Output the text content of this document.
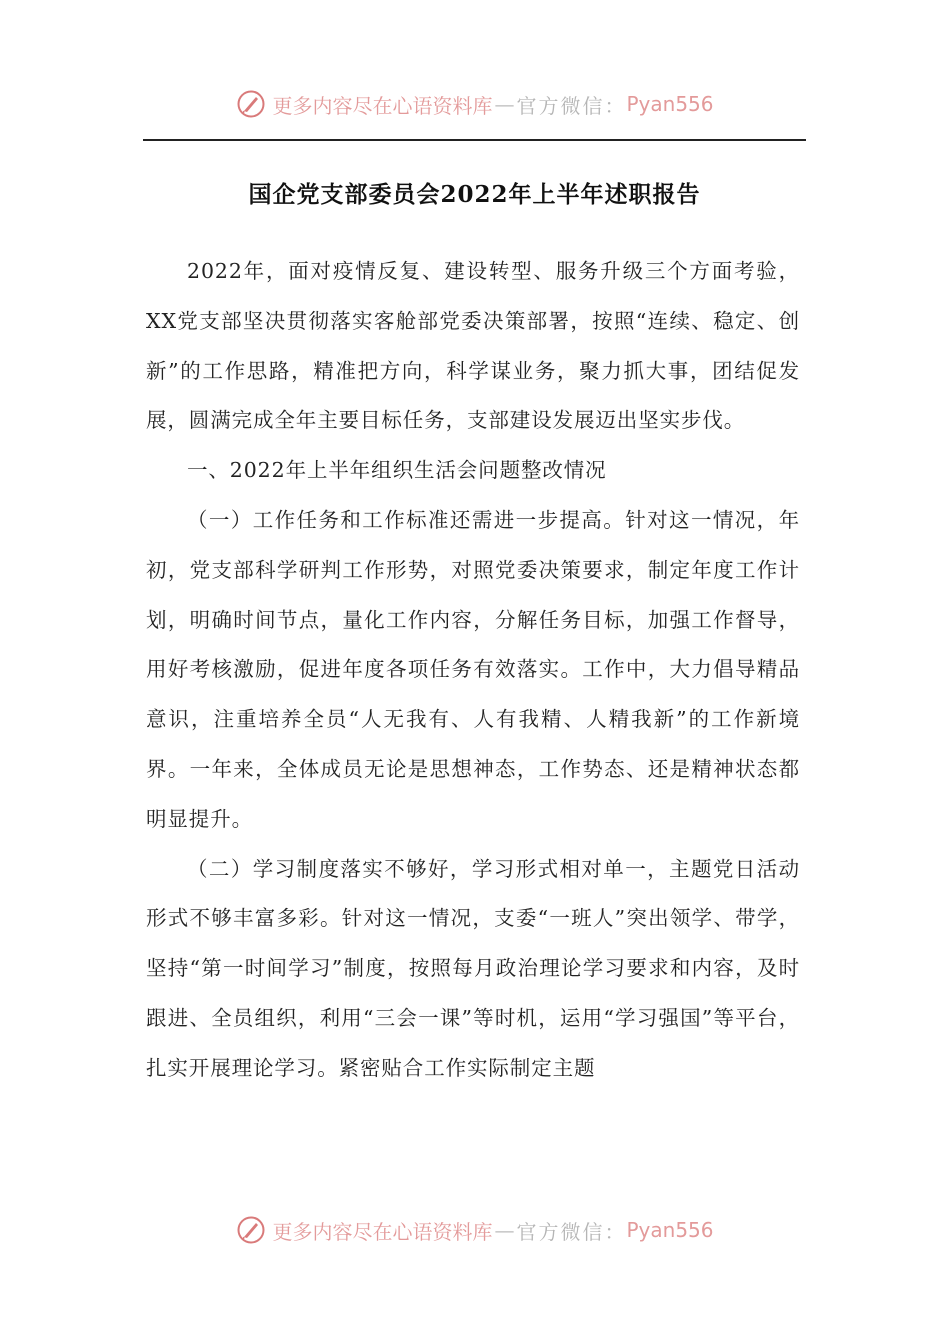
更多内容尽在心语资料库 — 官方微信： Pyan556
国企党支部委员会2022年上半年述职报告

2022年，面对疫情反复、建设转型、服务升级三个方面考验，XX党支部坚决贯彻落实客舱部党委决策部署，按照“连续、稳定、创新”的工作思路，精准把方向，科学谋业务，聚力抓大事，团结促发展，圆满完成全年主要目标任务，支部建设发展迈出坚实步伐。

一、2022年上半年组织生活会问题整改情况

（一）工作任务和工作标准还需进一步提高。针对这一情况，年初，党支部科学研判工作形势，对照党委决策要求，制定年度工作计划，明确时间节点，量化工作内容，分解任务目标，加强工作督导，用好考核激励，促进年度各项任务有效落实。工作中，大力倡导精品意识，注重培养全员“人无我有、人有我精、人精我新”的工作新境界。一年来，全体成员无论是思想神态，工作势态、还是精神状态都明显提升。

（二）学习制度落实不够好，学习形式相对单一，主题党日活动形式不够丰富多彩。针对这一情况，支委“一班人”突出领学、带学，坚持“第一时间学习”制度，按照每月政治理论学习要求和内容，及时跟进、全员组织，利用“三会一课”等时机，运用“学习强国”等平台，扎实开展理论学习。紧密贴合工作实际制定主题

更多内容尽在心语资料库 — 官方微信： Pyan556
